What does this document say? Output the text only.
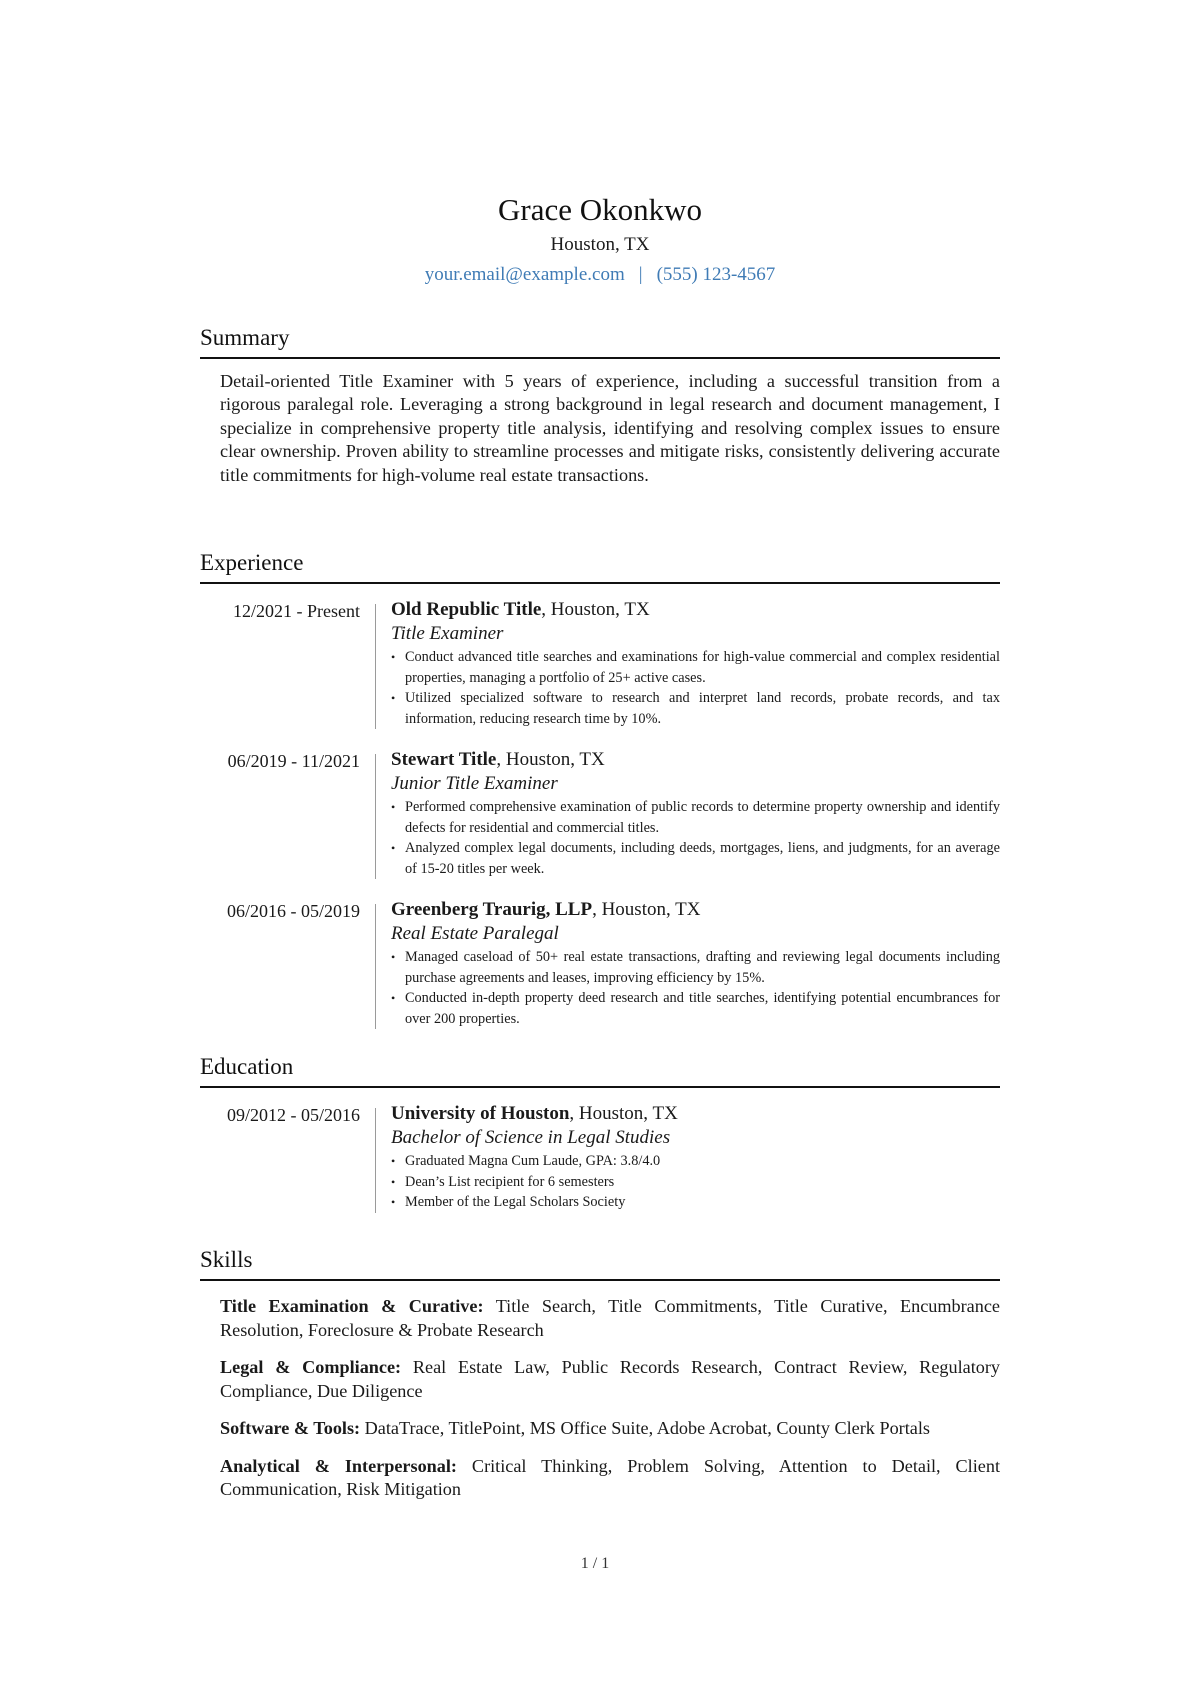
Grace Okonkwo
Houston, TX
your.email@example.com | (555) 123-4567
Summary

Detail-oriented Title Examiner with 5 years of experience, including a successful transition from a rigorous paralegal role. Leveraging a strong background in legal research and document management, I specialize in comprehensive property title analysis, identifying and resolving complex issues to ensure clear ownership. Proven ability to streamline processes and mitigate risks, consistently delivering accurate title commitments for high-volume real estate transactions.

Experience
12/2021 - Present	Old Republic Title, Houston, TX
Title Examiner
• Conduct advanced title searches and examinations for high-value commercial and complex residential properties, managing a portfolio of 25+ active cases.
• Utilized specialized software to research and interpret land records, probate records, and tax information, reducing research time by 10%.
06/2019 - 11/2021	Stewart Title, Houston, TX
Junior Title Examiner
• Performed comprehensive examination of public records to determine property ownership and identify defects for residential and commercial titles.
• Analyzed complex legal documents, including deeds, mortgages, liens, and judgments, for an average of 15-20 titles per week.
06/2016 - 05/2019	Greenberg Traurig, LLP, Houston, TX
Real Estate Paralegal
• Managed caseload of 50+ real estate transactions, drafting and reviewing legal documents including purchase agreements and leases, improving efficiency by 15%.
• Conducted in-depth property deed research and title searches, identifying potential encumbrances for over 200 properties.
Education
09/2012 - 05/2016	University of Houston, Houston, TX
Bachelor of Science in Legal Studies
• Graduated Magna Cum Laude, GPA: 3.8/4.0
• Dean’s List recipient for 6 semesters
• Member of the Legal Scholars Society
Skills

Title Examination & Curative: Title Search, Title Commitments, Title Curative, Encumbrance Resolution, Foreclosure & Probate Research

Legal & Compliance: Real Estate Law, Public Records Research, Contract Review, Regulatory Compliance, Due Diligence

Software & Tools: DataTrace, TitlePoint, MS Office Suite, Adobe Acrobat, County Clerk Portals

Analytical & Interpersonal: Critical Thinking, Problem Solving, Attention to Detail, Client Communication, Risk Mitigation

1 / 1
